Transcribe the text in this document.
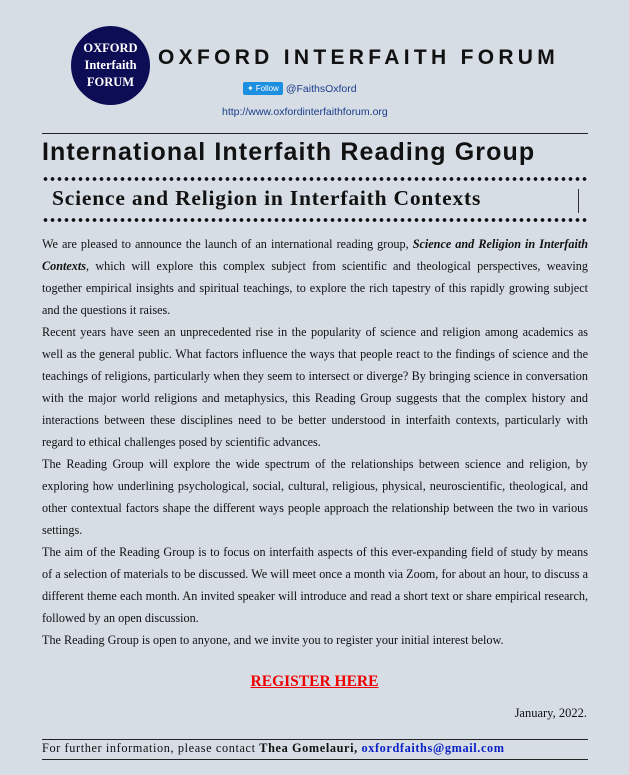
OXFORD
Interfaith
FORUM
OXFORD INTERFAITH FORUM
✦ Follow @FaithsOxford
http://www.oxfordinterfaithforum.org
International Interfaith Reading Group
Science and Religion in Interfaith Contexts

We are pleased to announce the launch of an international reading group, Science and Religion in Interfaith Contexts, which will explore this complex subject from scientific and theological perspectives, weaving together empirical insights and spiritual teachings, to explore the rich tapestry of this rapidly growing subject and the questions it raises.

Recent years have seen an unprecedented rise in the popularity of science and religion among academics as well as the general public. What factors influence the ways that people react to the findings of science and the teachings of religions, particularly when they seem to intersect or diverge? By bringing science in conversation with the major world religions and metaphysics, this Reading Group suggests that the complex history and interactions between these disciplines need to be better understood in interfaith contexts, particularly with regard to ethical challenges posed by scientific advances.

The Reading Group will explore the wide spectrum of the relationships between science and religion, by exploring how underlining psychological, social, cultural, religious, physical, neuroscientific, theological, and other contextual factors shape the different ways people approach the relationship between the two in various settings.

The aim of the Reading Group is to focus on interfaith aspects of this ever-expanding field of study by means of a selection of materials to be discussed. We will meet once a month via Zoom, for about an hour, to discuss a different theme each month. An invited speaker will introduce and read a short text or share empirical research, followed by an open discussion.

The Reading Group is open to anyone, and we invite you to register your initial interest below.

REGISTER HERE
January, 2022.
For further information, please contact Thea Gomelauri, oxfordfaiths@gmail.com
